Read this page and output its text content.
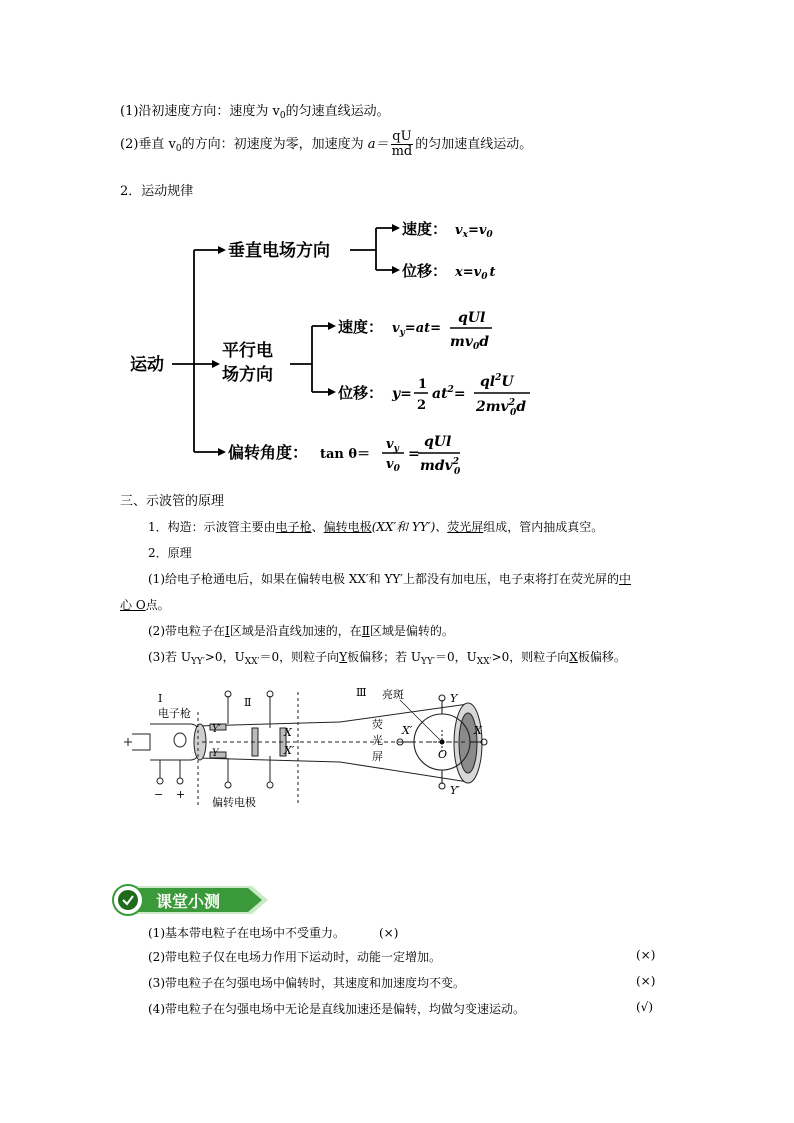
(1)沿初速度方向：速度为 $v_0$的匀速直线运动。
(2)垂直 $v_0$的方向：初速度为零，加速度为 $a= \frac{qU}{md}$ 的匀加速直线运动。
2．运动规律
运动
垂直电场方向
速度： $v_x=v_0$
位移： $x=v_0$ t
平行电
场方向
速度： $v_y=at=$
qUl
$mv_0d$
位移： y=
1
2
$at^2=$
$ql^2U$
$2mv^2$ 0d
偏转角度： tan θ＝
$v_y$
$v_0$
=
qUl
mdv$^2$ 0
三、示波管的原理
1．构造：示波管主要由电子枪、偏转电极(XX′和 YY′)、荧光屏组成，管内抽成真空。
2．原理
(1)给电子枪通电后，如果在偏转电极 XX′和 YY′上都没有加电压，电子束将打在荧光屏的中
心 O点。
(2)带电粒子在Ⅰ区域是沿直线加速的，在Ⅱ区域是偏转的。
(3)若 $U_{YY'}>0$，$U_{XX'}=0$，则粒子向Y板偏移；若 $U_{YY'}=0$，$U_{XX'}>0$，则粒子向X板偏移。
Ⅰ
电子枪
Ⅱ
Ⅲ 亮斑
荧
光
屏
Y
Y′
X′	X
O
Y′
Y
X
X′
− +
偏转电极
课堂小测
(1)基本带电粒子在电场中不受重力。	(×)
(2)带电粒子仅在电场力作用下运动时，动能一定增加。	(×)
(3)带电粒子在匀强电场中偏转时，其速度和加速度均不变。	(×)
(4)带电粒子在匀强电场中无论是直线加速还是偏转，均做匀变速运动。	(√)
